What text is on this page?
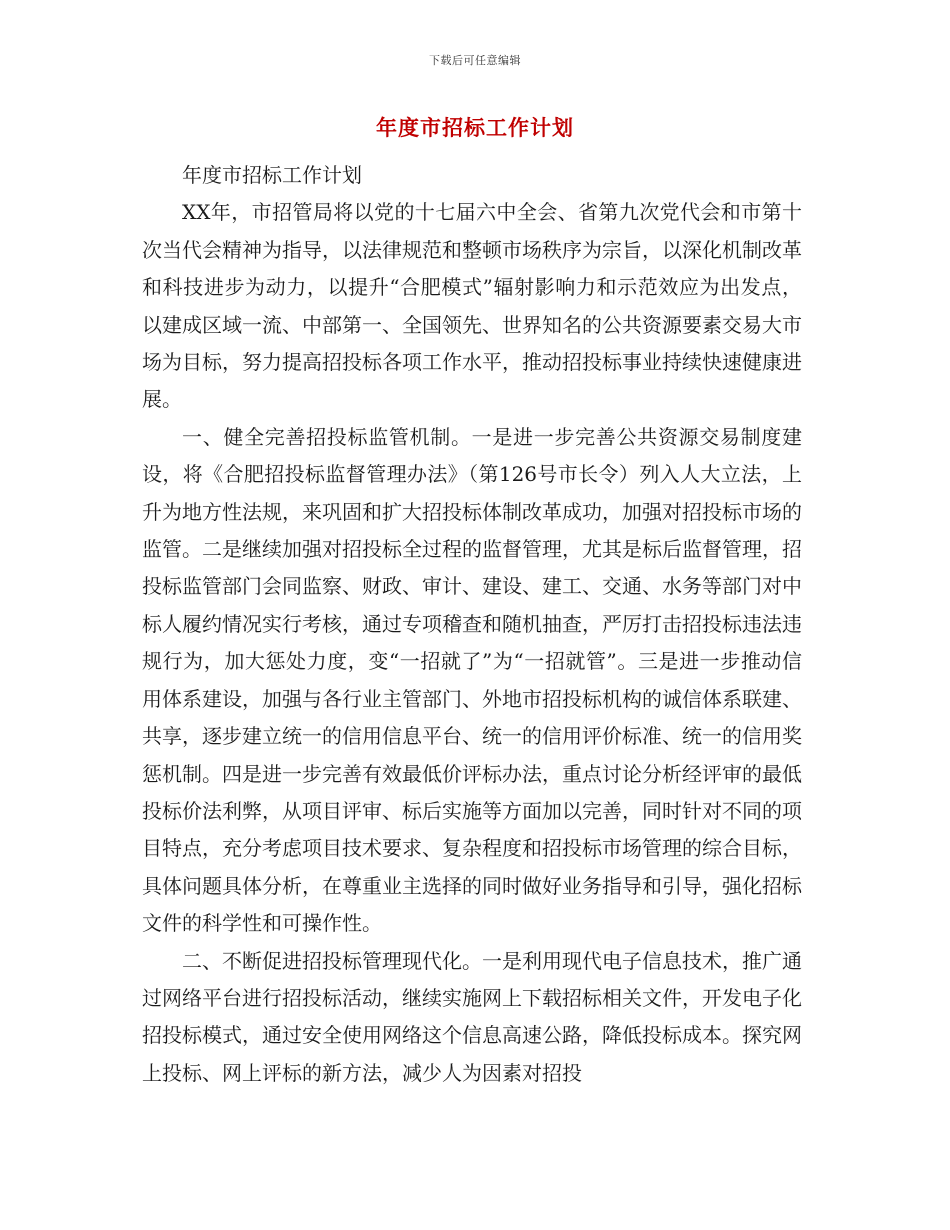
下载后可任意编辑
年度市招标工作计划

年度市招标工作计划

XX年，市招管局将以党的十七届六中全会、省第九次党代会和市第十次当代会精神为指导，以法律规范和整顿市场秩序为宗旨，以深化机制改革和科技进步为动力，以提升“合肥模式”辐射影响力和示范效应为出发点，以建成区域一流、中部第一、全国领先、世界知名的公共资源要素交易大市场为目标，努力提高招投标各项工作水平，推动招投标事业持续快速健康进展。

一、健全完善招投标监管机制。一是进一步完善公共资源交易制度建设，将《合肥招投标监督管理办法》（第126号市长令）列入人大立法，上升为地方性法规，来巩固和扩大招投标体制改革成功，加强对招投标市场的监管。二是继续加强对招投标全过程的监督管理，尤其是标后监督管理，招投标监管部门会同监察、财政、审计、建设、建工、交通、水务等部门对中标人履约情况实行考核，通过专项稽查和随机抽查，严厉打击招投标违法违规行为，加大惩处力度，变“一招就了”为“一招就管”。三是进一步推动信用体系建设，加强与各行业主管部门、外地市招投标机构的诚信体系联建、共享，逐步建立统一的信用信息平台、统一的信用评价标准、统一的信用奖惩机制。四是进一步完善有效最低价评标办法，重点讨论分析经评审的最低投标价法利弊，从项目评审、标后实施等方面加以完善，同时针对不同的项目特点，充分考虑项目技术要求、复杂程度和招投标市场管理的综合目标，具体问题具体分析，在尊重业主选择的同时做好业务指导和引导，强化招标文件的科学性和可操作性。

二、不断促进招投标管理现代化。一是利用现代电子信息技术，推广通过网络平台进行招投标活动，继续实施网上下载招标相关文件，开发电子化招投标模式，通过安全使用网络这个信息高速公路，降低投标成本。探究网上投标、网上评标的新方法，减少人为因素对招投
